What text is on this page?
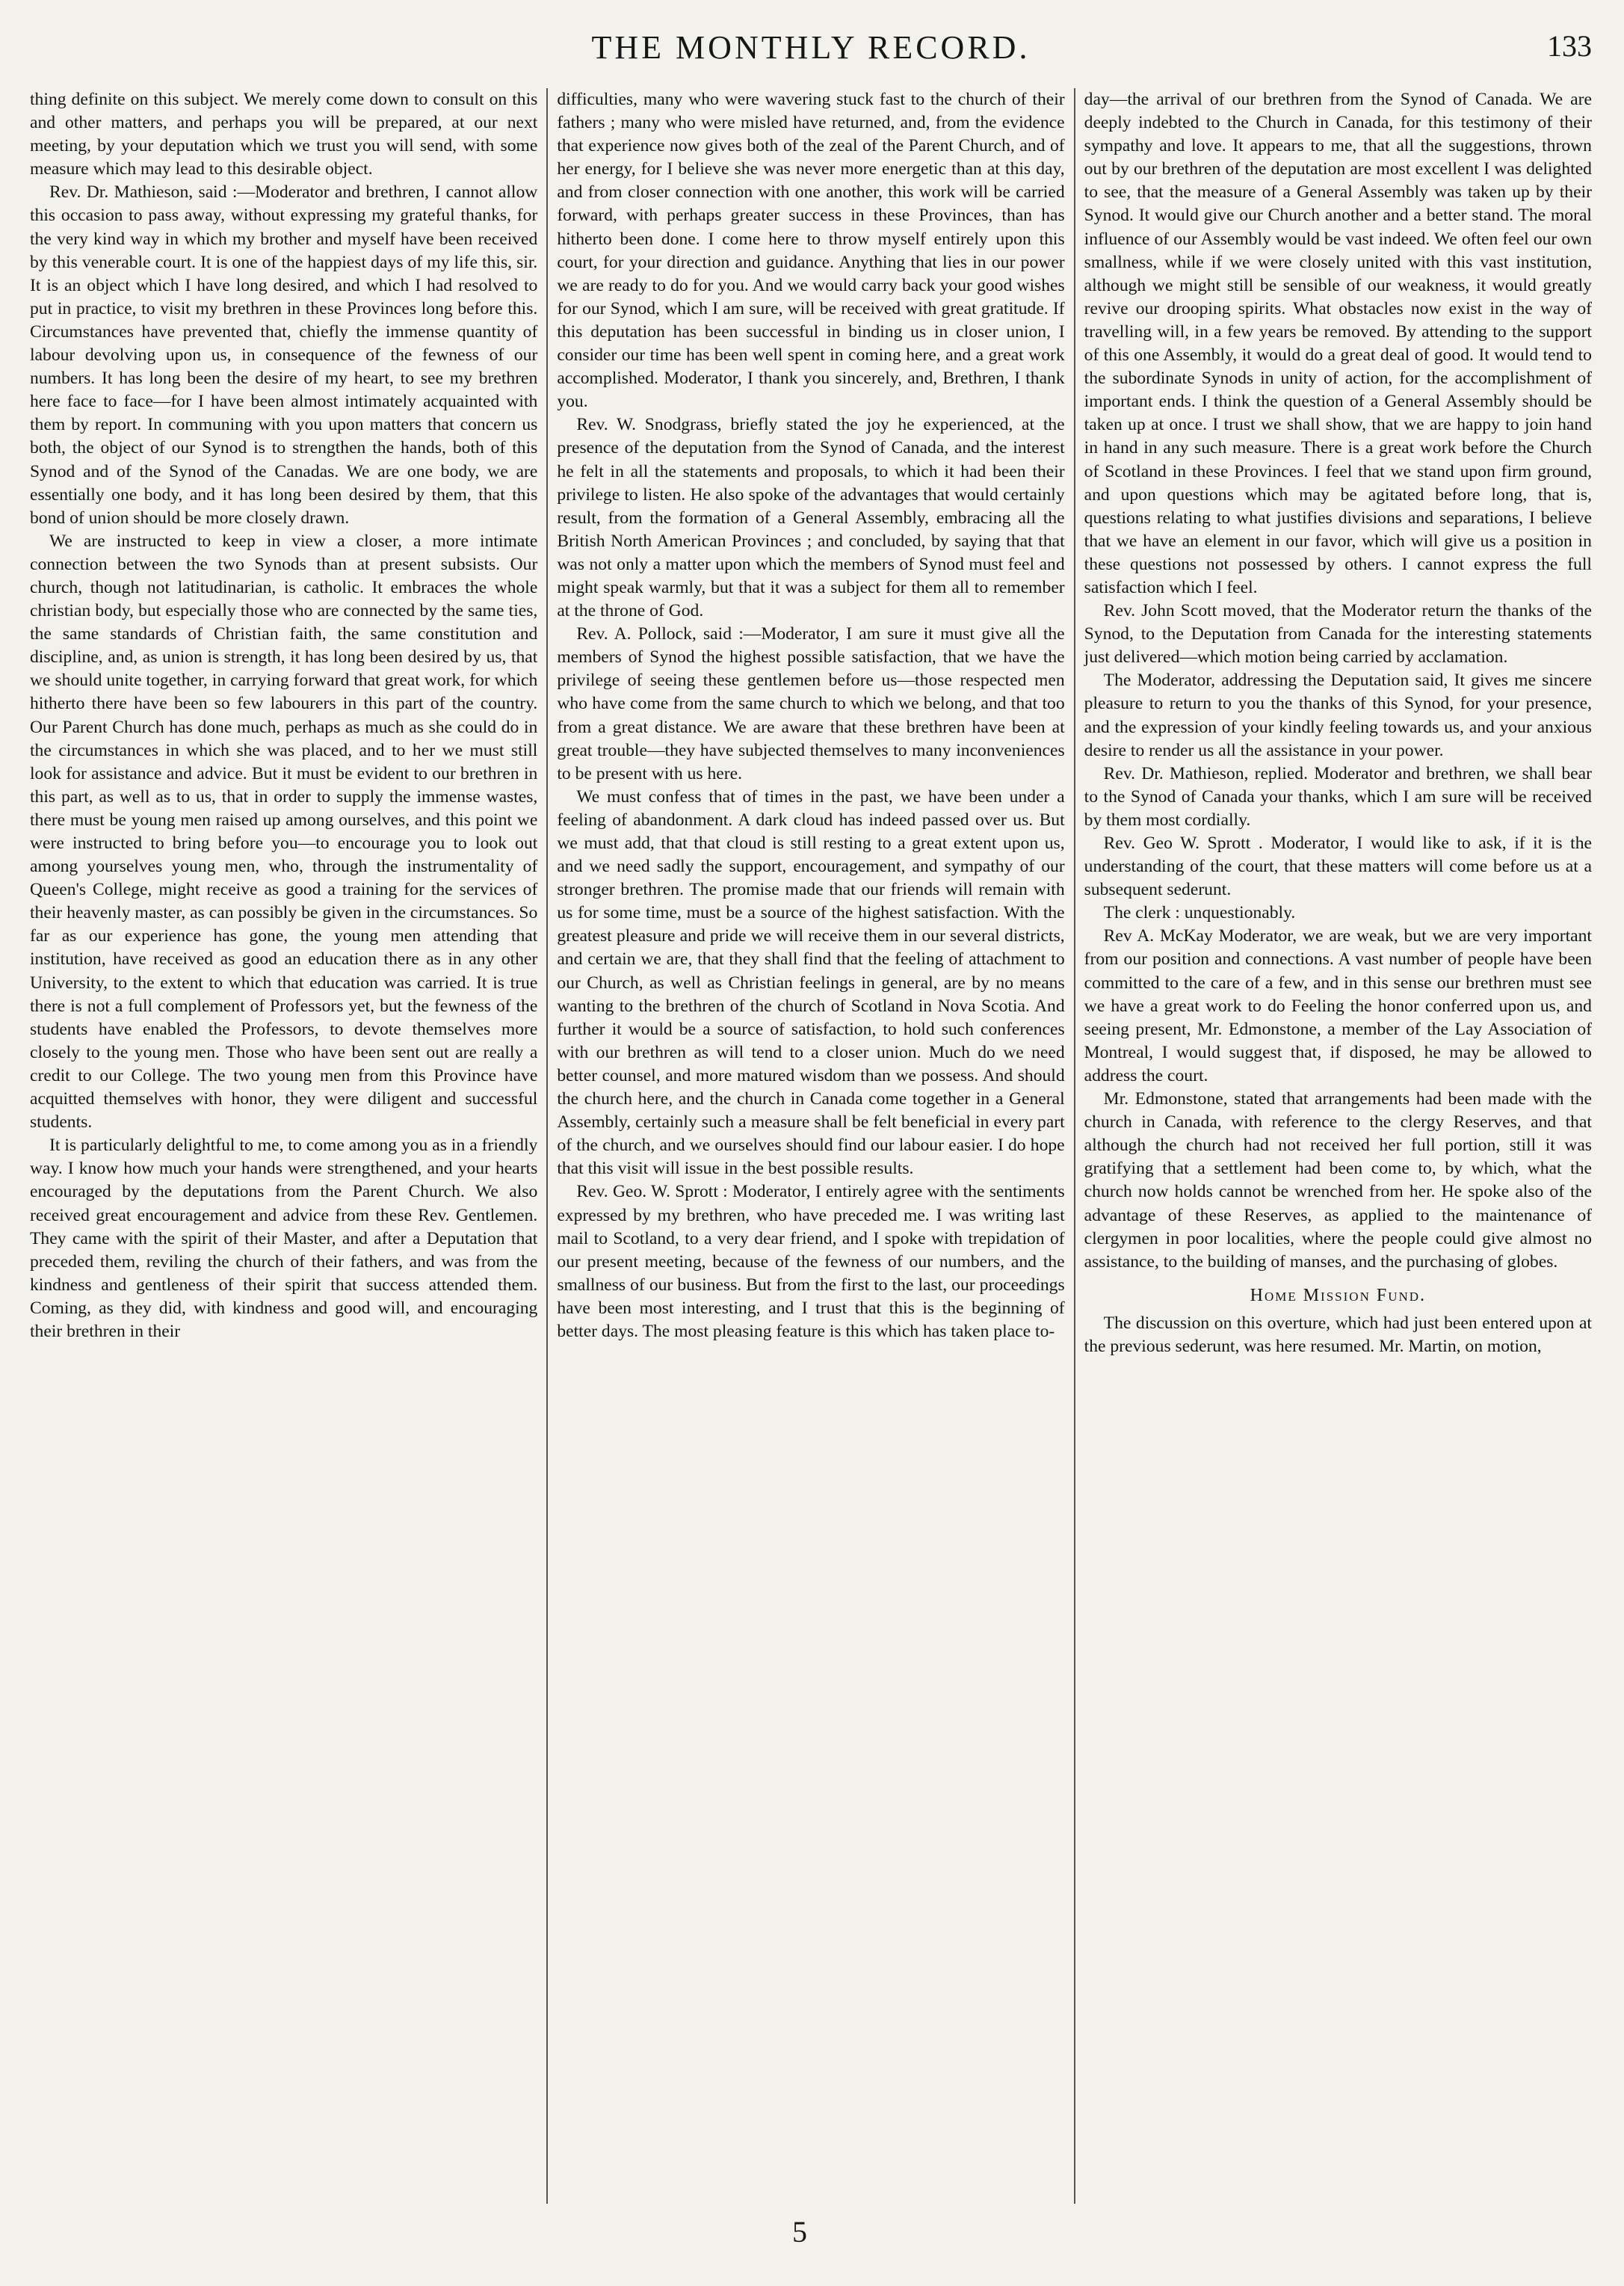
THE MONTHLY RECORD.	133

thing definite on this subject. We merely come down to consult on this and other matters, and perhaps you will be prepared, at our next meeting, by your deputation which we trust you will send, with some measure which may lead to this desirable object.

Rev. Dr. Mathieson, said :—Moderator and brethren, I cannot allow this occasion to pass away, without expressing my grateful thanks, for the very kind way in which my brother and myself have been received by this venerable court. It is one of the happiest days of my life this, sir. It is an object which I have long desired, and which I had resolved to put in practice, to visit my brethren in these Provinces long before this. Circumstances have prevented that, chiefly the immense quantity of labour devolving upon us, in consequence of the fewness of our numbers. It has long been the desire of my heart, to see my brethren here face to face—for I have been almost intimately acquainted with them by report. In communing with you upon matters that concern us both, the object of our Synod is to strengthen the hands, both of this Synod and of the Synod of the Canadas. We are one body, we are essentially one body, and it has long been desired by them, that this bond of union should be more closely drawn.

We are instructed to keep in view a closer, a more intimate connection between the two Synods than at present subsists. Our church, though not latitudinarian, is catholic. It embraces the whole christian body, but especially those who are connected by the same ties, the same standards of Christian faith, the same constitution and discipline, and, as union is strength, it has long been desired by us, that we should unite together, in carrying forward that great work, for which hitherto there have been so few labourers in this part of the country. Our Parent Church has done much, perhaps as much as she could do in the circumstances in which she was placed, and to her we must still look for assistance and advice. But it must be evident to our brethren in this part, as well as to us, that in order to supply the immense wastes, there must be young men raised up among ourselves, and this point we were instructed to bring before you—to encourage you to look out among yourselves young men, who, through the instrumentality of Queen's College, might receive as good a training for the services of their heavenly master, as can possibly be given in the circumstances. So far as our experience has gone, the young men attending that institution, have received as good an education there as in any other University, to the extent to which that education was carried. It is true there is not a full complement of Professors yet, but the fewness of the students have enabled the Professors, to devote themselves more closely to the young men. Those who have been sent out are really a credit to our College. The two young men from this Province have acquitted themselves with honor, they were diligent and successful students.

It is particularly delightful to me, to come among you as in a friendly way. I know how much your hands were strengthened, and your hearts encouraged by the deputations from the Parent Church. We also received great encouragement and advice from these Rev. Gentlemen. They came with the spirit of their Master, and after a Deputation that preceded them, reviling the church of their fathers, and was from the kindness and gentleness of their spirit that success attended them. Coming, as they did, with kindness and good will, and encouraging their brethren in their

difficulties, many who were wavering stuck fast to the church of their fathers ; many who were misled have returned, and, from the evidence that experience now gives both of the zeal of the Parent Church, and of her energy, for I believe she was never more energetic than at this day, and from closer connection with one another, this work will be carried forward, with perhaps greater success in these Provinces, than has hitherto been done. I come here to throw myself entirely upon this court, for your direction and guidance. Anything that lies in our power we are ready to do for you. And we would carry back your good wishes for our Synod, which I am sure, will be received with great gratitude. If this deputation has been successful in binding us in closer union, I consider our time has been well spent in coming here, and a great work accomplished. Moderator, I thank you sincerely, and, Brethren, I thank you.

Rev. W. Snodgrass, briefly stated the joy he experienced, at the presence of the deputation from the Synod of Canada, and the interest he felt in all the statements and proposals, to which it had been their privilege to listen. He also spoke of the advantages that would certainly result, from the formation of a General Assembly, embracing all the British North American Provinces ; and concluded, by saying that that was not only a matter upon which the members of Synod must feel and might speak warmly, but that it was a subject for them all to remember at the throne of God.

Rev. A. Pollock, said :—Moderator, I am sure it must give all the members of Synod the highest possible satisfaction, that we have the privilege of seeing these gentlemen before us—those respected men who have come from the same church to which we belong, and that too from a great distance. We are aware that these brethren have been at great trouble—they have subjected themselves to many inconveniences to be present with us here.

We must confess that of times in the past, we have been under a feeling of abandonment. A dark cloud has indeed passed over us. But we must add, that that cloud is still resting to a great extent upon us, and we need sadly the support, encouragement, and sympathy of our stronger brethren. The promise made that our friends will remain with us for some time, must be a source of the highest satisfaction. With the greatest pleasure and pride we will receive them in our several districts, and certain we are, that they shall find that the feeling of attachment to our Church, as well as Christian feelings in general, are by no means wanting to the brethren of the church of Scotland in Nova Scotia. And further it would be a source of satisfaction, to hold such conferences with our brethren as will tend to a closer union. Much do we need better counsel, and more matured wisdom than we possess. And should the church here, and the church in Canada come together in a General Assembly, certainly such a measure shall be felt beneficial in every part of the church, and we ourselves should find our labour easier. I do hope that this visit will issue in the best possible results.

Rev. Geo. W. Sprott : Moderator, I entirely agree with the sentiments expressed by my brethren, who have preceded me. I was writing last mail to Scotland, to a very dear friend, and I spoke with trepidation of our present meeting, because of the fewness of our numbers, and the smallness of our business. But from the first to the last, our proceedings have been most interesting, and I trust that this is the beginning of better days. The most pleasing feature is this which has taken place to-

day—the arrival of our brethren from the Synod of Canada. We are deeply indebted to the Church in Canada, for this testimony of their sympathy and love. It appears to me, that all the suggestions, thrown out by our brethren of the deputation are most excellent I was delighted to see, that the measure of a General Assembly was taken up by their Synod. It would give our Church another and a better stand. The moral influence of our Assembly would be vast indeed. We often feel our own smallness, while if we were closely united with this vast institution, although we might still be sensible of our weakness, it would greatly revive our drooping spirits. What obstacles now exist in the way of travelling will, in a few years be removed. By attending to the support of this one Assembly, it would do a great deal of good. It would tend to the subordinate Synods in unity of action, for the accomplishment of important ends. I think the question of a General Assembly should be taken up at once. I trust we shall show, that we are happy to join hand in hand in any such measure. There is a great work before the Church of Scotland in these Provinces. I feel that we stand upon firm ground, and upon questions which may be agitated before long, that is, questions relating to what justifies divisions and separations, I believe that we have an element in our favor, which will give us a position in these questions not possessed by others. I cannot express the full satisfaction which I feel.

Rev. John Scott moved, that the Moderator return the thanks of the Synod, to the Deputation from Canada for the interesting statements just delivered—which motion being carried by acclamation.

The Moderator, addressing the Deputation said, It gives me sincere pleasure to return to you the thanks of this Synod, for your presence, and the expression of your kindly feeling towards us, and your anxious desire to render us all the assistance in your power.

Rev. Dr. Mathieson, replied. Moderator and brethren, we shall bear to the Synod of Canada your thanks, which I am sure will be received by them most cordially.

Rev. Geo W. Sprott . Moderator, I would like to ask, if it is the understanding of the court, that these matters will come before us at a subsequent sederunt.

The clerk : unquestionably.

Rev A. McKay Moderator, we are weak, but we are very important from our position and connections. A vast number of people have been committed to the care of a few, and in this sense our brethren must see we have a great work to do Feeling the honor conferred upon us, and seeing present, Mr. Edmonstone, a member of the Lay Association of Montreal, I would suggest that, if disposed, he may be allowed to address the court.

Mr. Edmonstone, stated that arrangements had been made with the church in Canada, with reference to the clergy Reserves, and that although the church had not received her full portion, still it was gratifying that a settlement had been come to, by which, what the church now holds cannot be wrenched from her. He spoke also of the advantage of these Reserves, as applied to the maintenance of clergymen in poor localities, where the people could give almost no assistance, to the building of manses, and the purchasing of globes.

Home Mission Fund.

The discussion on this overture, which had just been entered upon at the previous sederunt, was here resumed. Mr. Martin, on motion,

5
